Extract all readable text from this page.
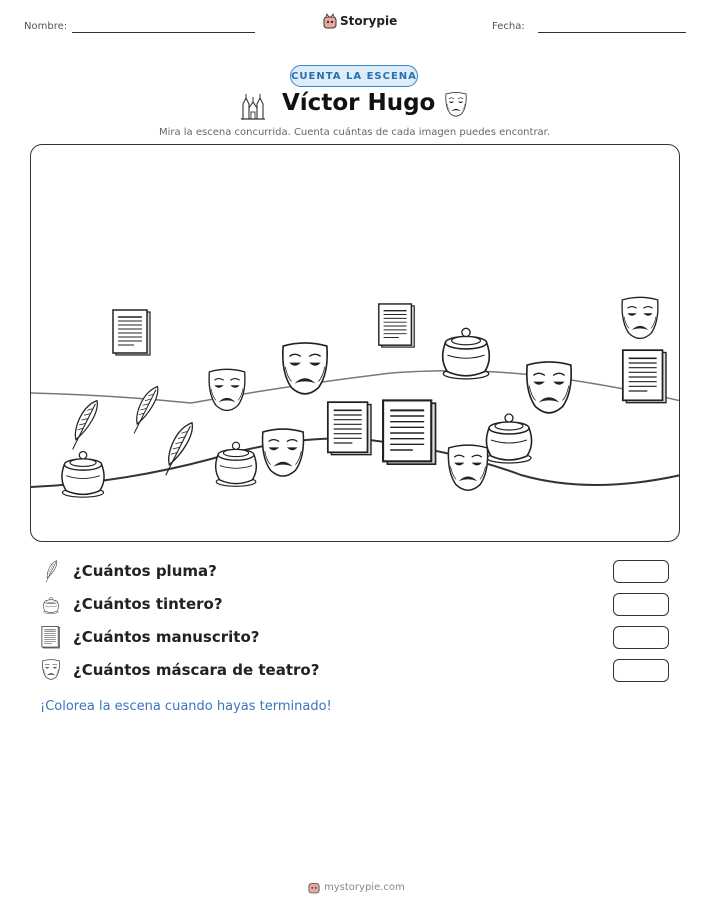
Nombre:	Storypie	Fecha:
CUENTA LA ESCENA
Víctor Hugo
Mira la escena concurrida. Cuenta cuántas de cada imagen puedes encontrar.
¿Cuántos pluma?
¿Cuántos tintero?
¿Cuántos manuscrito?
¿Cuántos máscara de teatro?
¡Colorea la escena cuando hayas terminado!
mystorypie.com
